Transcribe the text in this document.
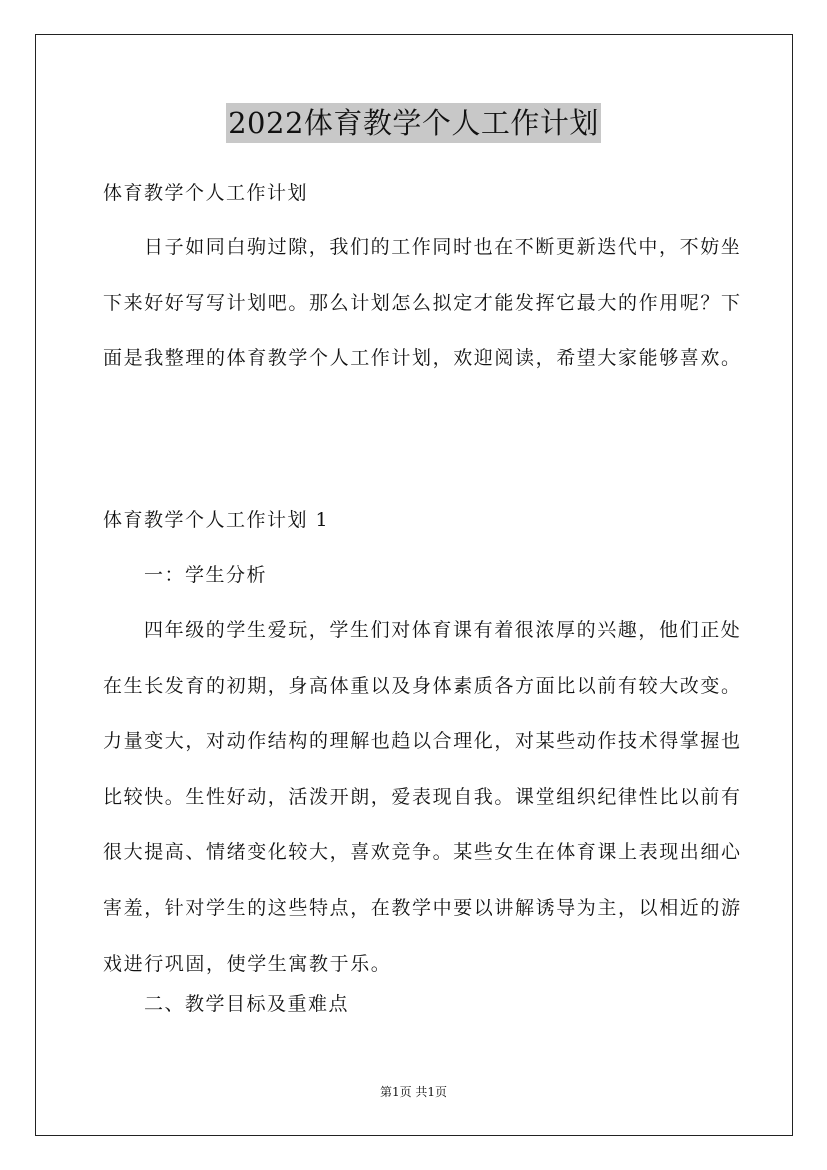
2022体育教学个人工作计划

体育教学个人工作计划

日子如同白驹过隙，我们的工作同时也在不断更新迭代中，不妨坐下来好好写写计划吧。那么计划怎么拟定才能发挥它最大的作用呢？下面是我整理的体育教学个人工作计划，欢迎阅读，希望大家能够喜欢。

体育教学个人工作计划 1

一：学生分析

四年级的学生爱玩，学生们对体育课有着很浓厚的兴趣，他们正处在生长发育的初期，身高体重以及身体素质各方面比以前有较大改变。力量变大，对动作结构的理解也趋以合理化，对某些动作技术得掌握也比较快。生性好动，活泼开朗，爱表现自我。课堂组织纪律性比以前有很大提高、情绪变化较大，喜欢竞争。某些女生在体育课上表现出细心害羞，针对学生的这些特点，在教学中要以讲解诱导为主，以相近的游戏进行巩固，使学生寓教于乐。

二、教学目标及重难点

第1页 共1页
